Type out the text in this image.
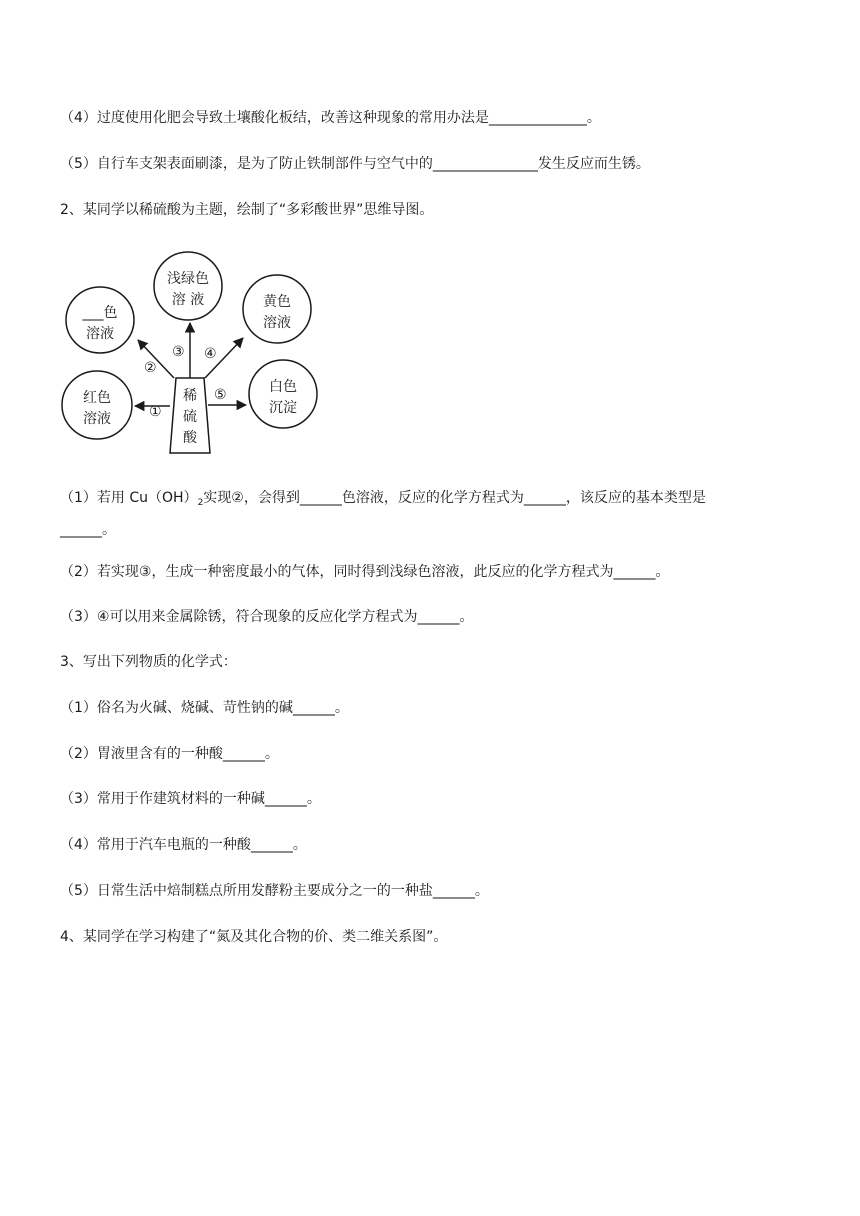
（4）过度使用化肥会导致土壤酸化板结，改善这种现象的常用办法是______________。
（5）自行车支架表面刷漆，是为了防止铁制部件与空气中的_______________发生反应而生锈。
2、某同学以稀硫酸为主题，绘制了“多彩酸世界”思维导图。
①
②
③ ④
⑤
浅绿色
溶 液
___色
溶液
黄色
溶液
红色
溶液
白色
沉淀
稀
硫
酸
（1）若用 $Cu(OH)_2$实现②，会得到______色溶液，反应的化学方程式为______，该反应的基本类型是
______。
（2）若实现③，生成一种密度最小的气体，同时得到浅绿色溶液，此反应的化学方程式为______。
（3）④可以用来金属除锈，符合现象的反应化学方程式为______。
3、写出下列物质的化学式：
（1）俗名为火碱、烧碱、苛性钠的碱______。
（2）胃液里含有的一种酸______。
（3）常用于作建筑材料的一种碱______。
（4）常用于汽车电瓶的一种酸______。
（5）日常生活中焙制糕点所用发酵粉主要成分之一的一种盐______。
4、某同学在学习构建了“氮及其化合物的价、类二维关系图”。
